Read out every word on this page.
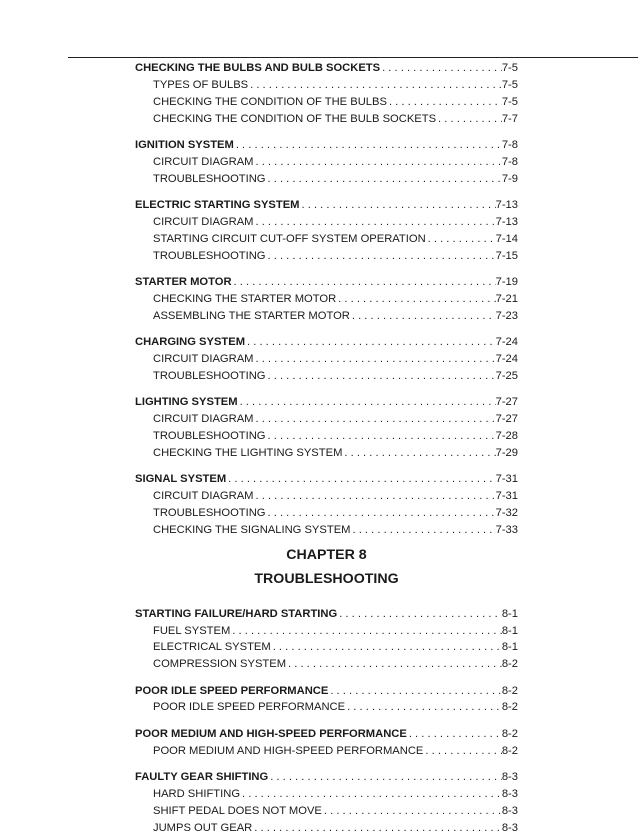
CHECKING THE BULBS AND BULB SOCKETS . . .	7-5
TYPES OF BULBS . . .	7-5
CHECKING THE CONDITION OF THE BULBS . . .	7-5
CHECKING THE CONDITION OF THE BULB SOCKETS . . .	7-7
IGNITION SYSTEM . . .	7-8
CIRCUIT DIAGRAM . . .	7-8
TROUBLESHOOTING . . .	7-9
ELECTRIC STARTING SYSTEM . . .	7-13
CIRCUIT DIAGRAM . . .	7-13
STARTING CIRCUIT CUT-OFF SYSTEM OPERATION . . .	7-14
TROUBLESHOOTING . . .	7-15
STARTER MOTOR . . .	7-19
CHECKING THE STARTER MOTOR . . .	7-21
ASSEMBLING THE STARTER MOTOR . . .	7-23
CHARGING SYSTEM . . .	7-24
CIRCUIT DIAGRAM . . .	7-24
TROUBLESHOOTING . . .	7-25
LIGHTING SYSTEM . . .	7-27
CIRCUIT DIAGRAM . . .	7-27
TROUBLESHOOTING . . .	7-28
CHECKING THE LIGHTING SYSTEM . . .	7-29
SIGNAL SYSTEM . . .	7-31
CIRCUIT DIAGRAM . . .	7-31
TROUBLESHOOTING . . .	7-32
CHECKING THE SIGNALING SYSTEM . . .	7-33
CHAPTER 8
TROUBLESHOOTING
STARTING FAILURE/HARD STARTING . . .	8-1
FUEL SYSTEM . . .	8-1
ELECTRICAL SYSTEM . . .	8-1
COMPRESSION SYSTEM . . .	8-2
POOR IDLE SPEED PERFORMANCE . . .	8-2
POOR IDLE SPEED PERFORMANCE . . .	8-2
POOR MEDIUM AND HIGH-SPEED PERFORMANCE . . .	8-2
POOR MEDIUM AND HIGH-SPEED PERFORMANCE . . .	8-2
FAULTY GEAR SHIFTING . . .	8-3
HARD SHIFTING . . .	8-3
SHIFT PEDAL DOES NOT MOVE . . .	8-3
JUMPS OUT GEAR . . .	8-3
